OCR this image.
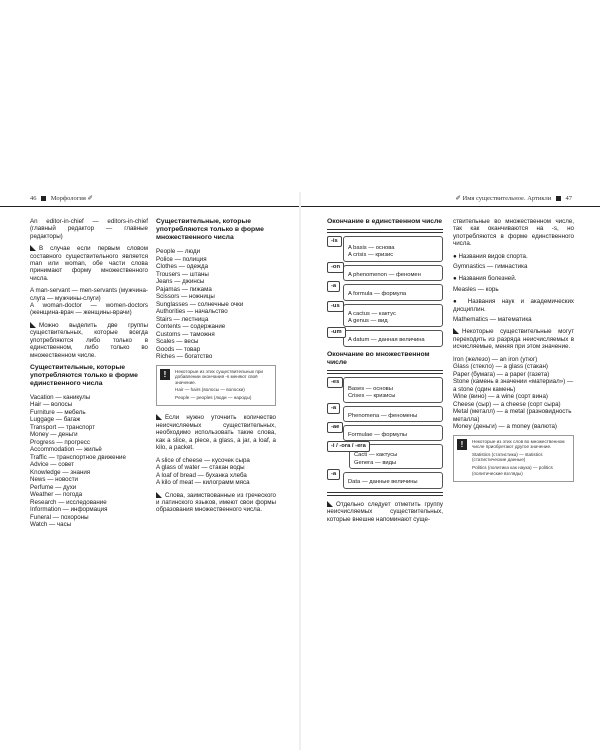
46 Морфология ✐

An editor-in-chief — editors-in-chief (главный редактор — главные редакторы)

В случае если первым словом составного существительного является man или woman, обе части слова принимают форму множественного числа.

A man-servant — men-servants (мужчина-слуга — мужчины-слуги)

A woman-doctor — women-doctors (женщина-врач — женщины-врачи)

Можно выделить две группы существительных, которые всегда употребляются либо только в единственном, либо только во множественном числе.

Существительные, которые употребляются только в форме единственного числа
Vacation — каникулы
Hair — волосы
Furniture — мебель
Luggage — багаж
Transport — транспорт
Money — деньги
Progress — прогресс
Accommodation — жильё
Traffic — транспортное движение
Advice — совет
Knowledge — знания
News — новости
Perfume — духи
Weather — погода
Research — исследование
Information — информация
Funeral — похороны
Watch — часы
Существительные, которые употребляются только в форме множественного числа
People — люди
Police — полиция
Clothes — одежда
Trousers — штаны
Jeans — джинсы
Pajamas — пижама
Scissors — ножницы
Sunglasses — солнечные очки
Authorities — начальство
Stairs — лестница
Contents — содержание
Customs — таможня
Scales — весы
Goods — товар
Riches — богатство
!	Некоторые из этих существительных при добавлении окончания -s меняют своё значение.
Hair — hairs (волосы — волоски)
People — peoples (люди — народы)

Если нужно уточнить количество неисчисляемых существительных, необходимо использовать такие слова, как a slice, a piece, a glass, a jar, a loaf, a kilo, a packet.

A slice of cheese — кусочек сыра
A glass of water — стакан воды
A loaf of bread — буханка хлеба
A kilo of meat — килограмм мяса

Слова, заимствованные из греческого и латинского языков, имеют свои формы образования множественного числа.

✐ Имя существительное. Артикли 47
Окончание в единственном числе
-is
A basis — основа
A crisis — кризис
-on
A phenomenon — феномен
-a
A formula — формула
-us
A cactus — кактус
A genus — вид
-um
A datum — данная величина
Окончание во множественном числе
-es
Bases — основы
Crises — кризисы
-a
Phenomena — феномены
-ae
Formulae — формулы
-i / -ora / -era
Cacti — кактусы
Genera — виды
-a
Data — данные величины

Отдельно следует отметить группу неисчисляемых существительных, которые внешне напоминают суще-

ствительные во множественном числе, так как оканчиваются на -s, но употребляются в форме единственного числа.

● Названия видов спорта.

Gymnastics — гимнастика

● Названия болезней.

Measles — корь

● Названия наук и академических дисциплин.

Mathematics — математика

Некоторые существительные могут переходить из разряда неисчисляемых в исчисляемые, меняя при этом значение.

Iron (железо) — an iron (утюг)
Glass (стекло) — a glass (стакан)
Paper (бумага) — a paper (газета)
Stone (камень в значении «материал») — a stone (один камень)
Wine (вино) — a wine (сорт вина)
Cheese (сыр) — a cheese (сорт сыра)
Metal (металл) — a metal (разновидность металла)
Money (деньги) — a money (валюта)
!	Некоторые из этих слов во множественном числе приобретают другое значение.
Statistics (статистика) — statistics (статистические данные)
Politics (политика как наука) — politics (политические взгляды)
